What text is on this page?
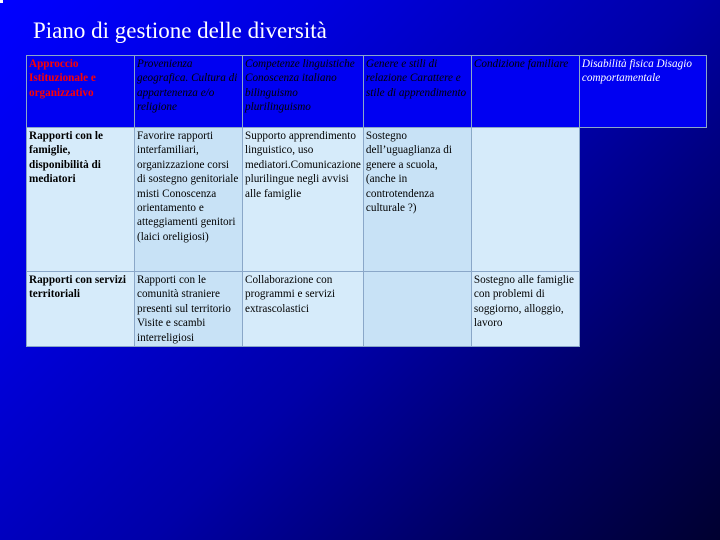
Piano di gestione delle diversità
Approccio Istituzionale e organizzativo	Provenienza geografica. Cultura di appartenenza e/o religione	Competenze linguistiche Conoscenza italiano bilinguismo plurilinguismo	Genere e stili di relazione Carattere e stile di apprendimento	Condizione familiare	Disabilità fisica Disagio comportamentale
Rapporti con le famiglie, disponibilità di mediatori	Favorire rapporti interfamiliari, organizzazione corsi di sostegno genitoriale misti Conoscenza orientamento e atteggiamenti genitori (laici oreligiosi)	Supporto apprendimento linguistico, uso mediatori.Comunicazione plurilingue negli avvisi alle famiglie	Sostegno dell’uguaglianza di genere a scuola, (anche in controtendenza culturale ?)		
Rapporti con servizi territoriali	Rapporti con le comunità straniere presenti sul territorio Visite e scambi interreligiosi	Collaborazione con programmi e servizi extrascolastici		Sostegno alle famiglie con problemi di soggiorno, alloggio, lavoro	
